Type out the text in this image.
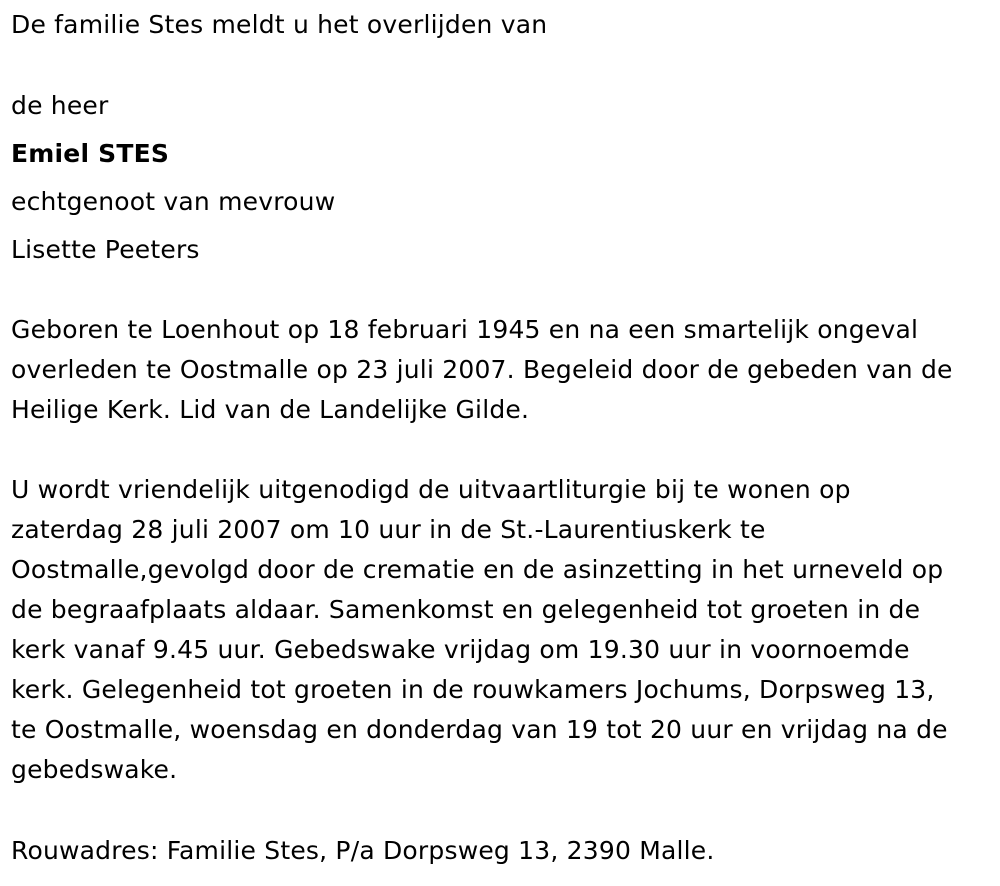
De familie Stes meldt u het overlijden van
de heer
Emiel STES
echtgenoot van mevrouw
Lisette Peeters
Geboren te Loenhout op 18 februari 1945 en na een smartelijk ongeval
overleden te Oostmalle op 23 juli 2007. Begeleid door de gebeden van de
Heilige Kerk. Lid van de Landelijke Gilde.
U wordt vriendelijk uitgenodigd de uitvaartliturgie bij te wonen op
zaterdag 28 juli 2007 om 10 uur in de St.-Laurentiuskerk te
Oostmalle,gevolgd door de crematie en de asinzetting in het urneveld op
de begraafplaats aldaar. Samenkomst en gelegenheid tot groeten in de
kerk vanaf 9.45 uur. Gebedswake vrijdag om 19.30 uur in voornoemde
kerk. Gelegenheid tot groeten in de rouwkamers Jochums, Dorpsweg 13,
te Oostmalle, woensdag en donderdag van 19 tot 20 uur en vrijdag na de
gebedswake.
Rouwadres: Familie Stes, P/a Dorpsweg 13, 2390 Malle.
